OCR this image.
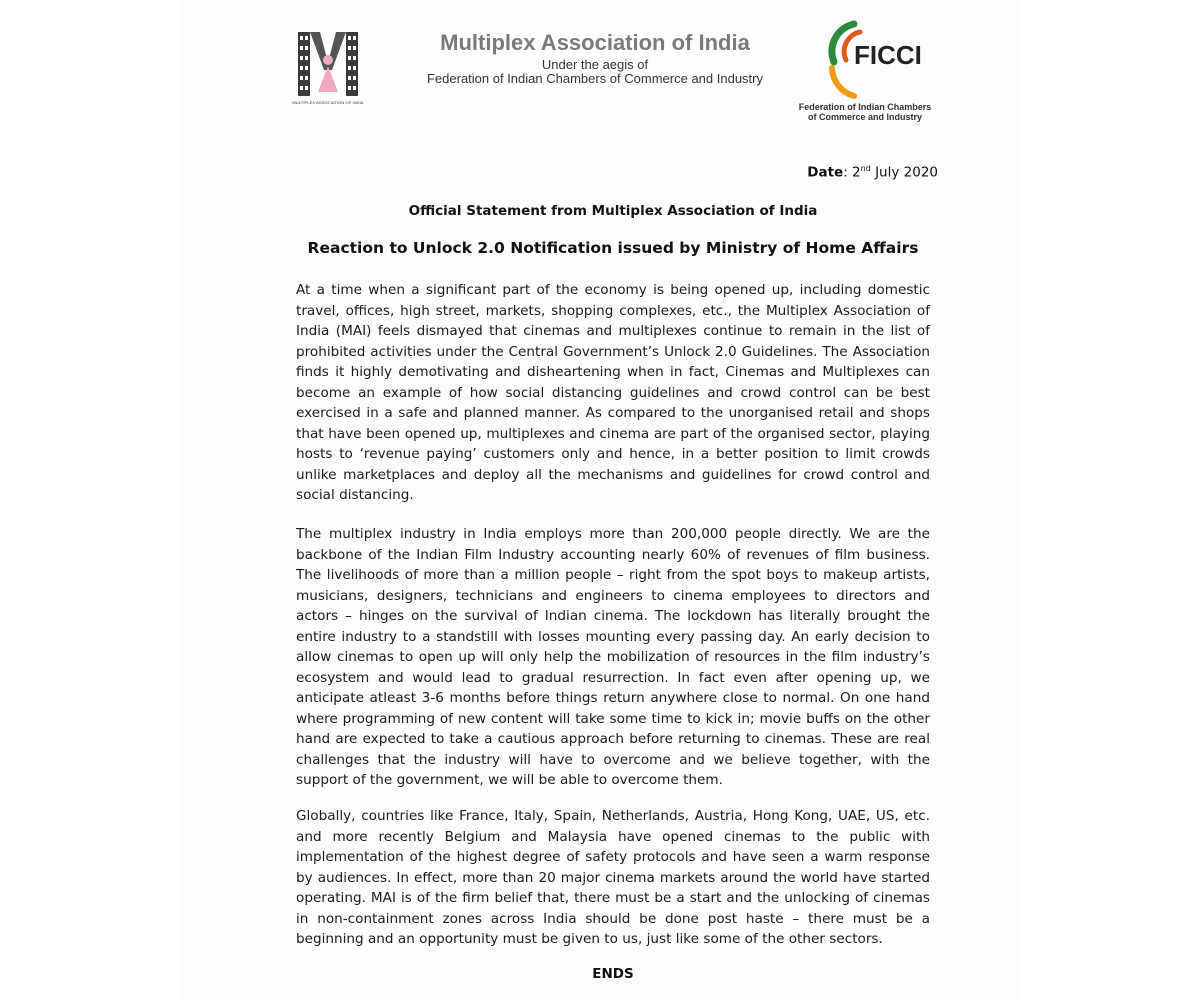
MULTIPLEX ASSOCIATION OF INDIA
Multiplex Association of India
Under the aegis of
Federation of Indian Chambers of Commerce and Industry
FICCI
Federation of Indian Chambers
of Commerce and Industry
Date: 2nd July 2020
Official Statement from Multiplex Association of India
Reaction to Unlock 2.0 Notification issued by Ministry of Home Affairs

At a time when a significant part of the economy is being opened up, including domestic travel, offices, high street, markets, shopping complexes, etc., the Multiplex Association of India (MAI) feels dismayed that cinemas and multiplexes continue to remain in the list of prohibited activities under the Central Government’s Unlock 2.0 Guidelines. The Association finds it highly demotivating and disheartening when in fact, Cinemas and Multiplexes can become an example of how social distancing guidelines and crowd control can be best exercised in a safe and planned manner. As compared to the unorganised retail and shops that have been opened up, multiplexes and cinema are part of the organised sector, playing hosts to ‘revenue paying’ customers only and hence, in a better position to limit crowds unlike marketplaces and deploy all the mechanisms and guidelines for crowd control and social distancing.

The multiplex industry in India employs more than 200,000 people directly. We are the backbone of the Indian Film Industry accounting nearly 60% of revenues of film business. The livelihoods of more than a million people – right from the spot boys to makeup artists, musicians, designers, technicians and engineers to cinema employees to directors and actors – hinges on the survival of Indian cinema. The lockdown has literally brought the entire industry to a standstill with losses mounting every passing day. An early decision to allow cinemas to open up will only help the mobilization of resources in the film industry’s ecosystem and would lead to gradual resurrection. In fact even after opening up, we anticipate atleast 3-6 months before things return anywhere close to normal. On one hand where programming of new content will take some time to kick in; movie buffs on the other hand are expected to take a cautious approach before returning to cinemas. These are real challenges that the industry will have to overcome and we believe together, with the support of the government, we will be able to overcome them.

Globally, countries like France, Italy, Spain, Netherlands, Austria, Hong Kong, UAE, US, etc. and more recently Belgium and Malaysia have opened cinemas to the public with implementation of the highest degree of safety protocols and have seen a warm response by audiences. In effect, more than 20 major cinema markets around the world have started operating. MAI is of the firm belief that, there must be a start and the unlocking of cinemas in non-containment zones across India should be done post haste – there must be a beginning and an opportunity must be given to us, just like some of the other sectors.

ENDS
